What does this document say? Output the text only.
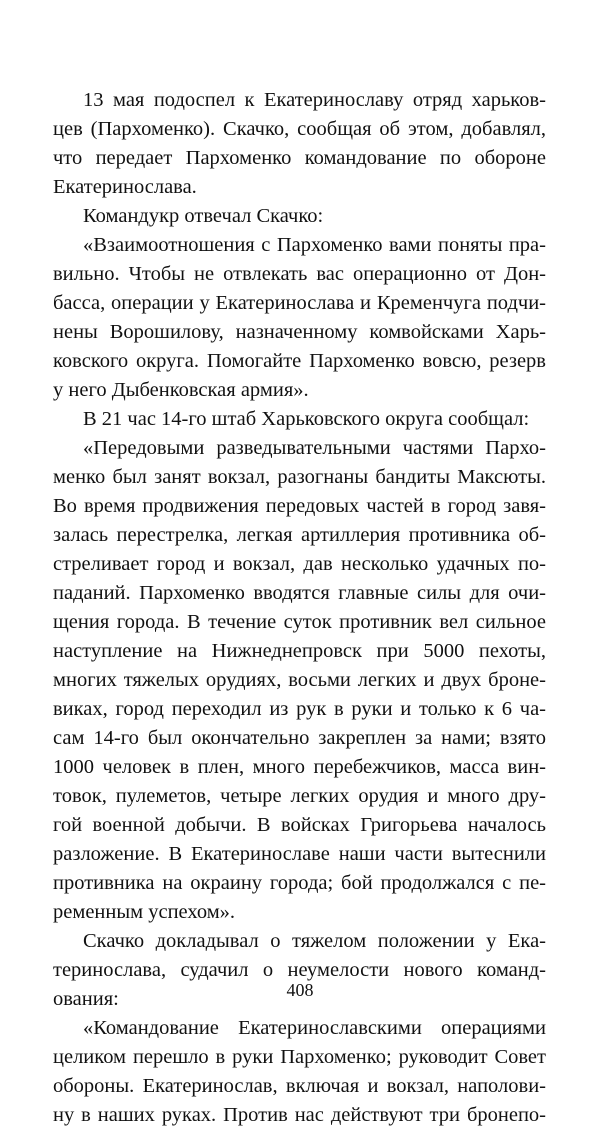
13 мая подоспел к Екатеринославу отряд харьков-
цев (Пархоменко). Скачко, сообщая об этом, добавлял,
что передает Пархоменко командование по обороне
Екатеринослава.
Командукр отвечал Скачко:
«Взаимоотношения с Пархоменко вами поняты пра-
вильно. Чтобы не отвлекать вас операционно от Дон-
басса, операции у Екатеринослава и Кременчуга подчи-
нены Ворошилову, назначенному комвойсками Харь-
ковского округа. Помогайте Пархоменко вовсю, резерв
у него Дыбенковская армия».
В 21 час 14-го штаб Харьковского округа сообщал:
«Передовыми разведывательными частями Пархо-
менко был занят вокзал, разогнаны бандиты Максюты.
Во время продвижения передовых частей в город завя-
залась перестрелка, легкая артиллерия противника об-
стреливает город и вокзал, дав несколько удачных по-
паданий. Пархоменко вводятся главные силы для очи-
щения города. В течение суток противник вел сильное
наступление на Нижнеднепровск при 5000 пехоты,
многих тяжелых орудиях, восьми легких и двух броне-
виках, город переходил из рук в руки и только к 6 ча-
сам 14-го был окончательно закреплен за нами; взято
1000 человек в плен, много перебежчиков, масса вин-
товок, пулеметов, четыре легких орудия и много дру-
гой военной добычи. В войсках Григорьева началось
разложение. В Екатеринославе наши части вытеснили
противника на окраину города; бой продолжался с пе-
ременным успехом».
Скачко докладывал о тяжелом положении у Ека-
теринослава, судачил о неумелости нового команд-
ования:
«Командование Екатеринославскими операциями
целиком перешло в руки Пархоменко; руководит Совет
обороны. Екатеринослав, включая и вокзал, наполови-
ну в наших руках. Против нас действуют три бронепо-
408
